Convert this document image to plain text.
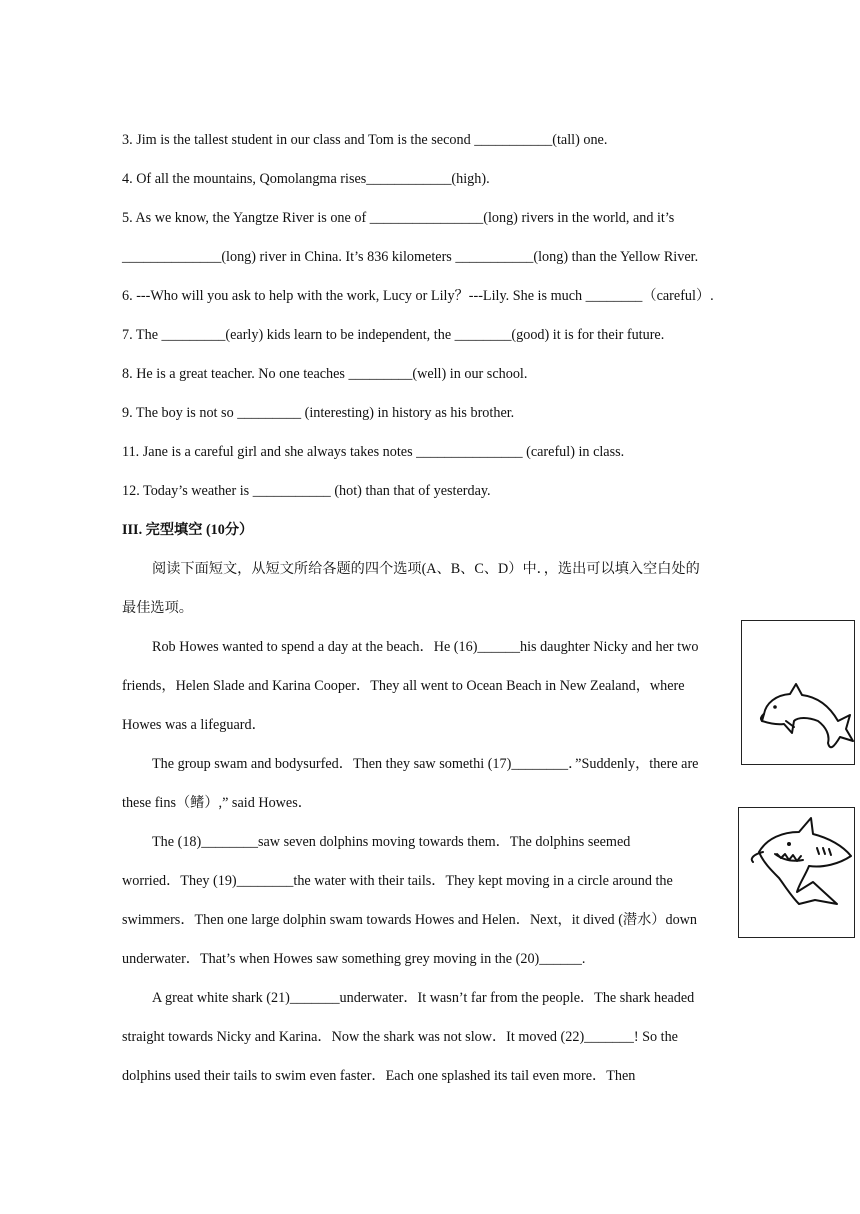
3. Jim is the tallest student in our class and Tom is the second ___________(tall) one.
4. Of all the mountains, Qomolangma rises____________(high).
5. As we know, the Yangtze River is one of ________________(long) rivers in the world, and it’s
______________(long) river in China. It’s 836 kilometers ___________(long) than the Yellow River.
6. ---Who will you ask to help with the work, Lucy or Lily？---Lily. She is much ________（careful）.
7. The _________(early) kids learn to be independent, the ________(good) it is for their future.
8. He is a great teacher. No one teaches _________(well) in our school.
9. The boy is not so _________ (interesting) in history as his brother.
11. Jane is a careful girl and she always takes notes _______________ (careful) in class.
12. Today’s weather is ___________ (hot) than that of yesterday.
III. 完型填空 (10分）
阅读下面短文，从短文所给各题的四个选项(A、B、C、D）中．，选出可以填入空白处的
最佳选项。
Rob Howes wanted to spend a day at the beach．He (16)______his daughter Nicky and her two
friends，Helen Slade and Karina Cooper．They all went to Ocean Beach in New Zealand，where
Howes was a lifeguard．
The group swam and bodysurfed．Then they saw somethi (17)________．”Suddenly，there are
these fins（鳍）,” said Howes．
The (18)________saw seven dolphins moving towards them．The dolphins seemed
worried．They (19)________the water with their tails．They kept moving in a circle around the
swimmers．Then one large dolphin swam towards Howes and Helen．Next，it dived (潜水）down
underwater．That’s when Howes saw something grey moving in the (20)______.
A great white shark (21)_______underwater．It wasn’t far from the people．The shark headed
straight towards Nicky and Karina．Now the shark was not slow．It moved (22)_______! So the
dolphins used their tails to swim even faster．Each one splashed its tail even more．Then
